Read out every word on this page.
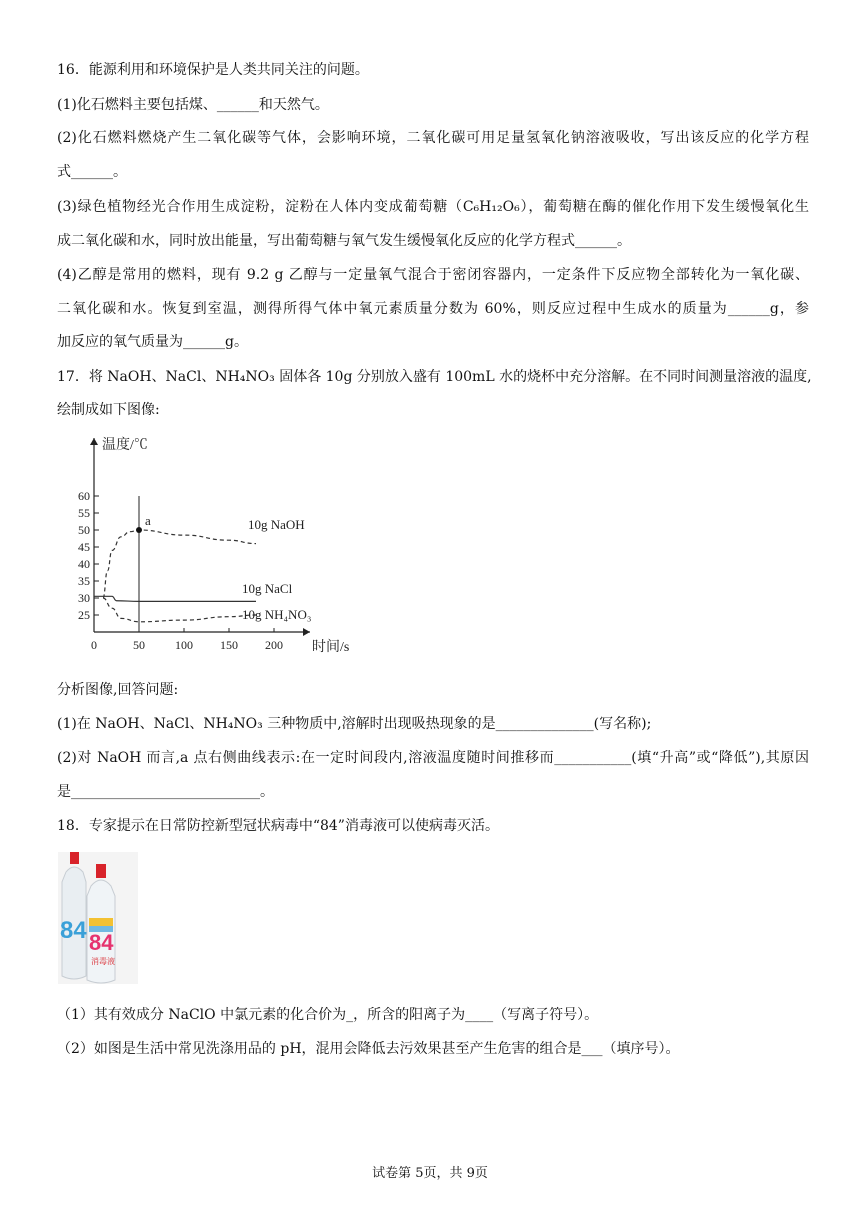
16．能源利用和环境保护是人类共同关注的问题。
(1)化石燃料主要包括煤、______和天然气。
(2)化石燃料燃烧产生二氧化碳等气体，会影响环境，二氧化碳可用足量氢氧化钠溶液吸收，写出该反应的化学方程
式______。
(3)绿色植物经光合作用生成淀粉，淀粉在人体内变成葡萄糖（C₆H₁₂O₆），葡萄糖在酶的催化作用下发生缓慢氧化生
成二氧化碳和水，同时放出能量，写出葡萄糖与氧气发生缓慢氧化反应的化学方程式______。
(4)乙醇是常用的燃料，现有 9.2 g 乙醇与一定量氧气混合于密闭容器内，一定条件下反应物全部转化为一氧化碳、
二氧化碳和水。恢复到室温，测得所得气体中氧元素质量分数为 60%，则反应过程中生成水的质量为______g，参
加反应的氧气质量为______g。
17．将 NaOH、NaCl、NH₄NO₃ 固体各 10g 分别放入盛有 100mL 水的烧杯中充分溶解。在不同时间测量溶液的温度,
绘制成如下图像:
25
30
35
40
45
50
55
60
0	50	100 150 200
温度/℃
时间/s
10g NaOH
10g NaCl
10g NH₄NO₃
a
分析图像,回答问题:
(1)在 NaOH、NaCl、NH₄NO₃ 三种物质中,溶解时出现吸热现象的是______________(写名称);
(2)对 NaOH 而言,a 点右侧曲线表示:在一定时间段内,溶液温度随时间推移而___________(填“升高”或“降低”),其原因
是___________________________。
18．专家提示在日常防控新型冠状病毒中“84”消毒液可以使病毒灭活。
84 84
消毒液
（1）其有效成分 NaClO 中氯元素的化合价为_，所含的阳离子为____（写离子符号）。
（2）如图是生活中常见洗涤用品的 pH，混用会降低去污效果甚至产生危害的组合是___（填序号）。
试卷第 5页，共 9页
